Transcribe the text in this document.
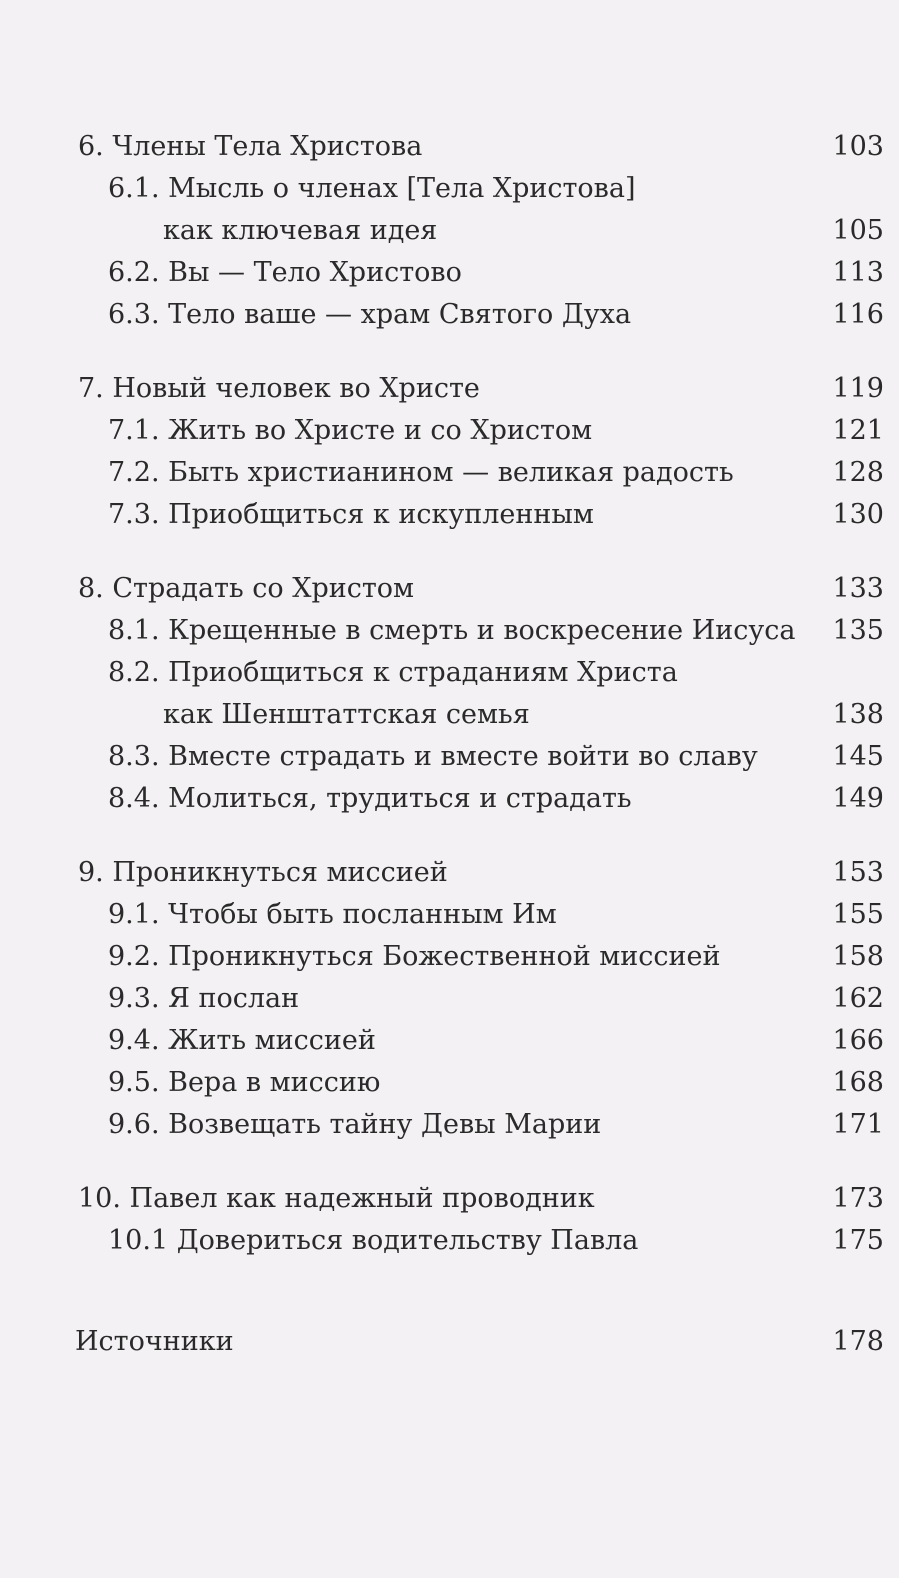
6. Члены Тела Христова	103
6.1. Мысль о членах [Тела Христова]
как ключевая идея	105
6.2. Вы — Тело Христово	113
6.3. Тело ваше — храм Святого Духа	116
7. Новый человек во Христе	119
7.1. Жить во Христе и со Христом	121
7.2. Быть христианином — великая радость	128
7.3. Приобщиться к искупленным	130
8. Страдать со Христом	133
8.1. Крещенные в смерть и воскресение Иисуса 135
8.2. Приобщиться к страданиям Христа
как Шенштаттская семья	138
8.3. Вместе страдать и вместе войти во славу	145
8.4. Молиться, трудиться и страдать	149
9. Проникнуться миссией	153
9.1. Чтобы быть посланным Им	155
9.2. Проникнуться Божественной миссией	158
9.3. Я послан	162
9.4. Жить миссией	166
9.5. Вера в миссию	168
9.6. Возвещать тайну Девы Марии	171
10. Павел как надежный проводник	173
10.1 Довериться водительству Павла	175
Источники	178
